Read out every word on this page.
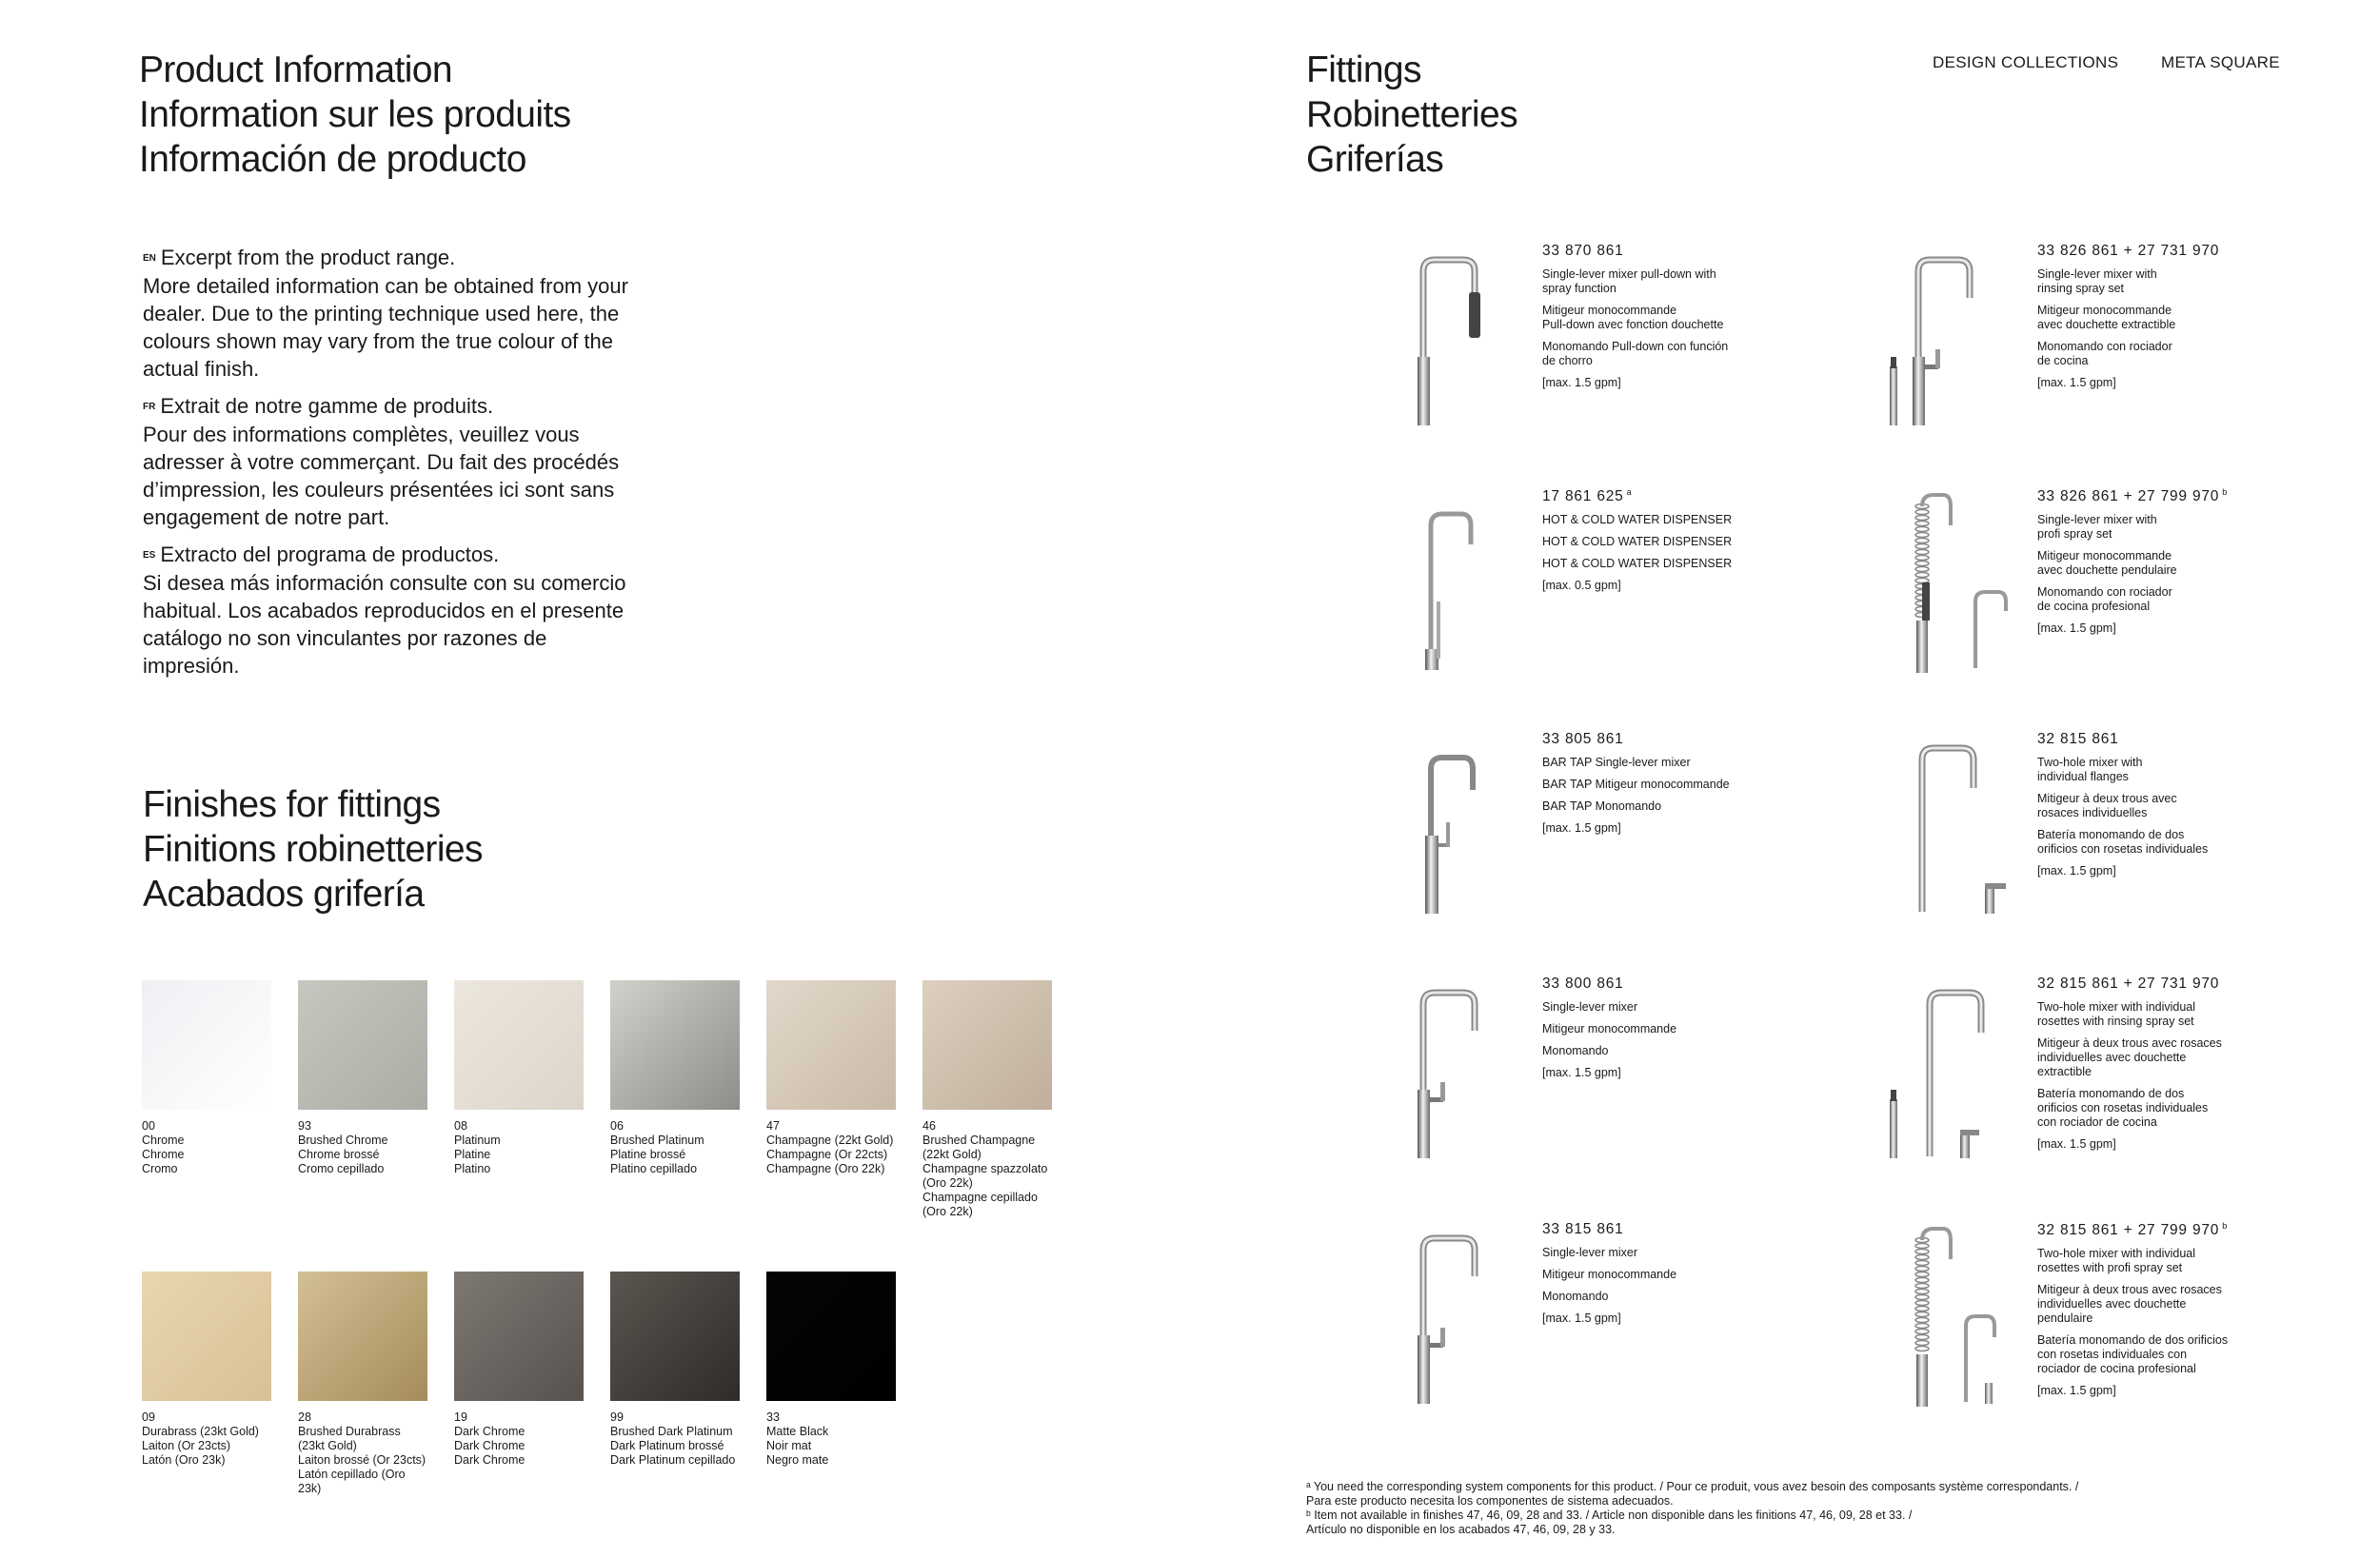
Product Information
Information sur les produits
Información de producto

EN Excerpt from the product range.
More detailed information can be obtained from your dealer. Due to the printing technique used here, the colours shown may vary from the true colour of the actual finish.

FR Extrait de notre gamme de produits.
Pour des informations complètes, veuillez vous adresser à votre commerçant. Du fait des procédés d’impression, les couleurs présentées ici sont sans engagement de notre part.

ES Extracto del programa de productos.
Si desea más información consulte con su comercio habitual. Los acabados reproducidos en el presente catálogo no son vinculantes por razones de impresión.

Finishes for fittings
Finitions robinetteries
Acabados grifería
00
Chrome
Chrome
Cromo
93
Brushed Chrome
Chrome brossé
Cromo cepillado
08
Platinum
Platine
Platino
06
Brushed Platinum
Platine brossé
Platino cepillado
47
Champagne (22kt Gold)
Champagne (Or 22cts)
Champagne (Oro 22k)
46
Brushed Champagne
(22kt Gold)
Champagne spazzolato
(Oro 22k)
Champagne cepillado
(Oro 22k)
09
Durabrass (23kt Gold)
Laiton (Or 23cts)
Latón (Oro 23k)
28
Brushed Durabrass
(23kt Gold)
Laiton brossé (Or 23cts)
Latón cepillado (Oro 23k)
19
Dark Chrome
Dark Chrome
Dark Chrome
99
Brushed Dark Platinum
Dark Platinum brossé
Dark Platinum cepillado
33
Matte Black
Noir mat
Negro mate
Fittings
Robinetteries
Griferías
DESIGN COLLECTIONS	META SQUARE
33 870 861
Single-lever mixer pull-down with
spray function
Mitigeur monocommande
Pull-down avec fonction douchette
Monomando Pull-down con función
de chorro
[max. 1.5 gpm]
33 826 861 + 27 731 970
Single-lever mixer with
rinsing spray set
Mitigeur monocommande
avec douchette extractible
Monomando con rociador
de cocina
[max. 1.5 gpm]
17 861 625 $^a$
HOT & COLD WATER DISPENSER
HOT & COLD WATER DISPENSER
HOT & COLD WATER DISPENSER
[max. 0.5 gpm]
33 826 861 + 27 799 970 $^b$
Single-lever mixer with
profi spray set
Mitigeur monocommande
avec douchette pendulaire
Monomando con rociador
de cocina profesional
[max. 1.5 gpm]
33 805 861
BAR TAP Single-lever mixer
BAR TAP Mitigeur monocommande
BAR TAP Monomando
[max. 1.5 gpm]
32 815 861
Two-hole mixer with
individual flanges
Mitigeur à deux trous avec
rosaces individuelles
Batería monomando de dos
orificios con rosetas individuales
[max. 1.5 gpm]
33 800 861
Single-lever mixer
Mitigeur monocommande
Monomando
[max. 1.5 gpm]
32 815 861 + 27 731 970
Two-hole mixer with individual
rosettes with rinsing spray set
Mitigeur à deux trous avec rosaces
individuelles avec douchette
extractible
Batería monomando de dos
orificios con rosetas individuales
con rociador de cocina
[max. 1.5 gpm]
33 815 861
Single-lever mixer
Mitigeur monocommande
Monomando
[max. 1.5 gpm]
32 815 861 + 27 799 970 $^b$
Two-hole mixer with individual
rosettes with profi spray set
Mitigeur à deux trous avec rosaces
individuelles avec douchette
pendulaire
Batería monomando de dos orificios
con rosetas individuales con
rociador de cocina profesional
[max. 1.5 gpm]
ᵃ You need the corresponding system components for this product. / Pour ce produit, vous avez besoin des composants système correspondants. /
Para este producto necesita los componentes de sistema adecuados.
ᵇ Item not available in finishes 47, 46, 09, 28 and 33. / Article non disponible dans les finitions 47, 46, 09, 28 et 33. /
Artículo no disponible en los acabados 47, 46, 09, 28 y 33.
